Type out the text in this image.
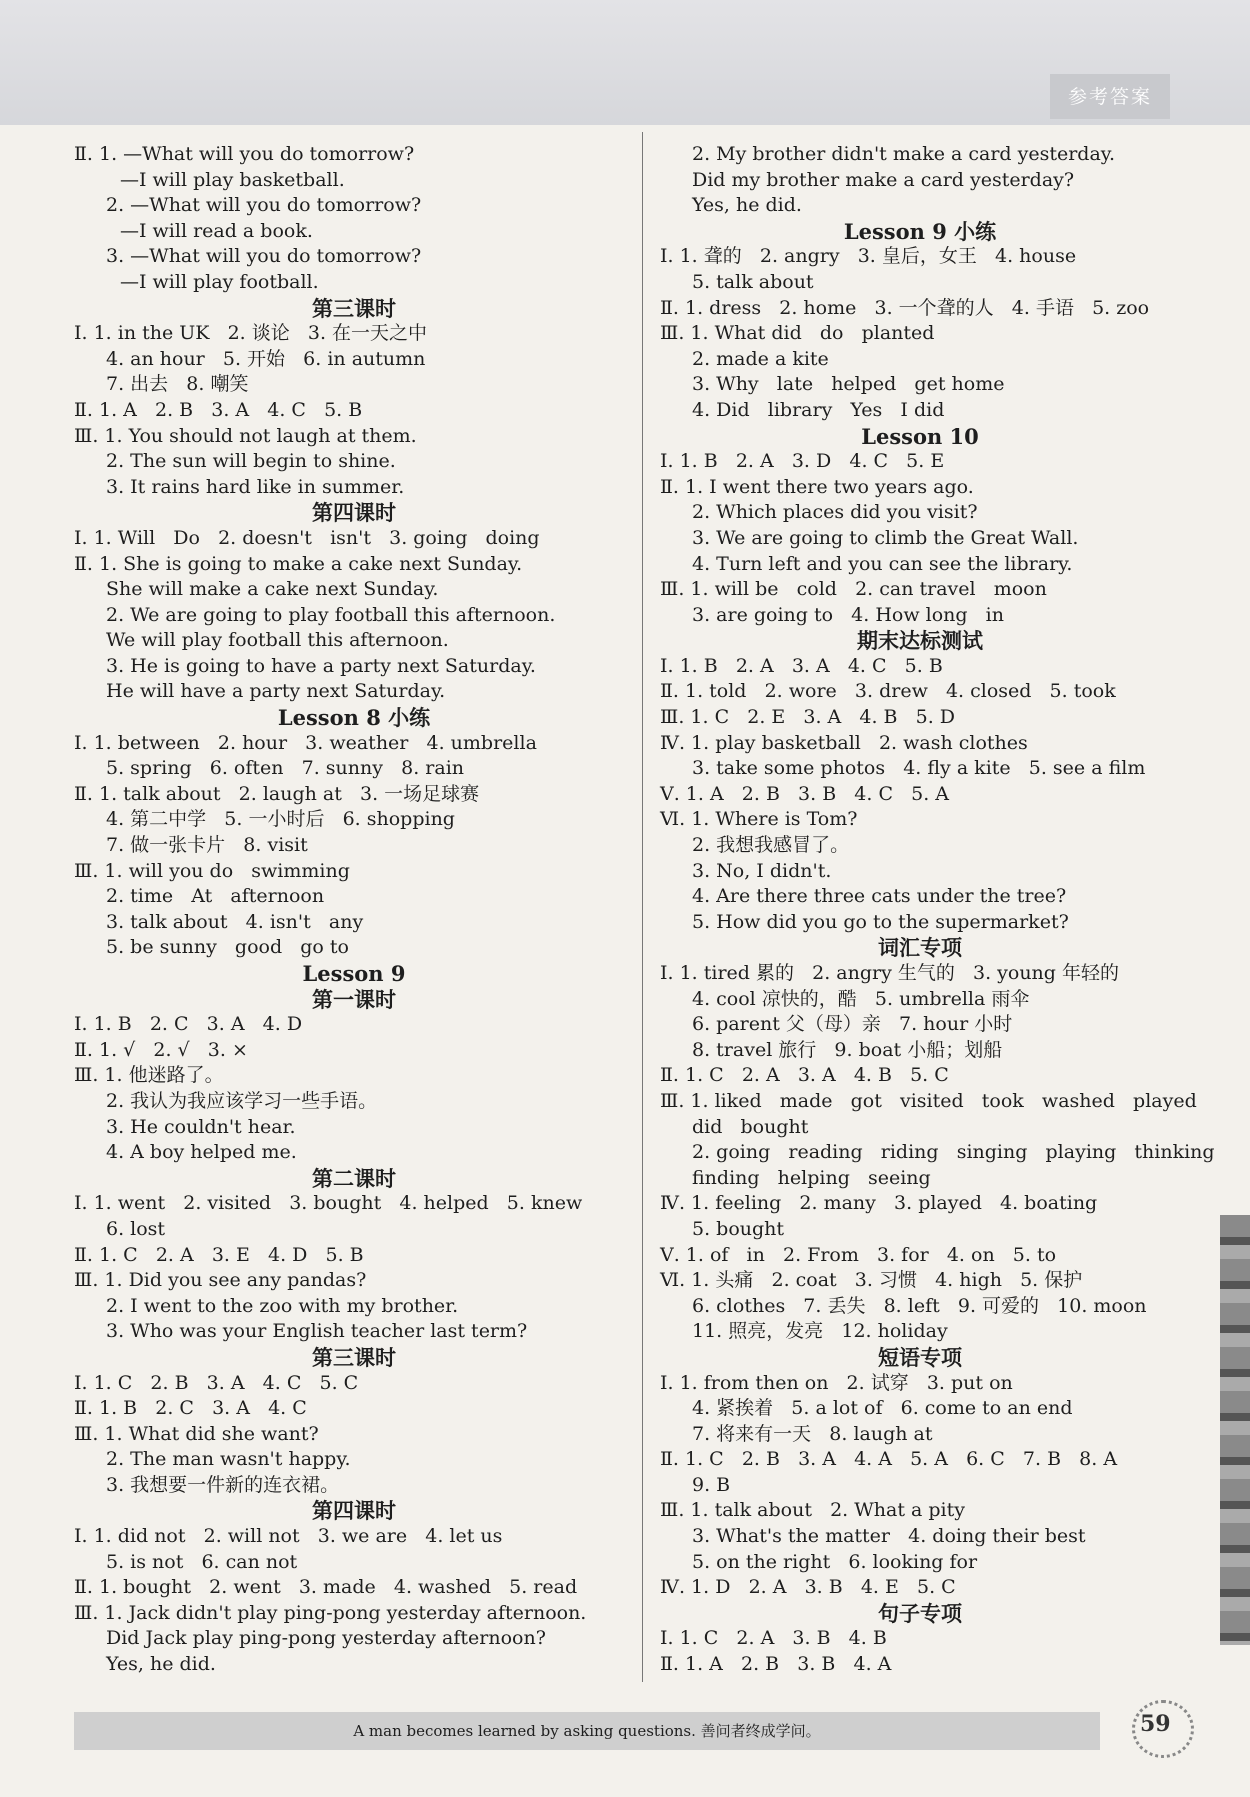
参考答案
Ⅱ. 1. —What will you do tomorrow?
—I will play basketball.
2. —What will you do tomorrow?
—I will read a book.
3. —What will you do tomorrow?
—I will play football.
第三课时
Ⅰ. 1. in the UK   2. 谈论   3. 在一天之中
4. an hour   5. 开始   6. in autumn
7. 出去   8. 嘲笑
Ⅱ. 1. A   2. B   3. A   4. C   5. B
Ⅲ. 1. You should not laugh at them.
2. The sun will begin to shine.
3. It rains hard like in summer.
第四课时
Ⅰ. 1. Will   Do   2. doesn't   isn't   3. going   doing
Ⅱ. 1. She is going to make a cake next Sunday.
She will make a cake next Sunday.
2. We are going to play football this afternoon.
We will play football this afternoon.
3. He is going to have a party next Saturday.
He will have a party next Saturday.
Lesson 8 小练
Ⅰ. 1. between   2. hour   3. weather   4. umbrella
5. spring   6. often   7. sunny   8. rain
Ⅱ. 1. talk about   2. laugh at   3. 一场足球赛
4. 第二中学   5. 一小时后   6. shopping
7. 做一张卡片   8. visit
Ⅲ. 1. will you do   swimming
2. time   At   afternoon
3. talk about   4. isn't   any
5. be sunny   good   go to
Lesson 9
第一课时
Ⅰ. 1. B   2. C   3. A   4. D
Ⅱ. 1. √   2. √   3. ×
Ⅲ. 1. 他迷路了。
2. 我认为我应该学习一些手语。
3. He couldn't hear.
4. A boy helped me.
第二课时
Ⅰ. 1. went   2. visited   3. bought   4. helped   5. knew
6. lost
Ⅱ. 1. C   2. A   3. E   4. D   5. B
Ⅲ. 1. Did you see any pandas?
2. I went to the zoo with my brother.
3. Who was your English teacher last term?
第三课时
Ⅰ. 1. C   2. B   3. A   4. C   5. C
Ⅱ. 1. B   2. C   3. A   4. C
Ⅲ. 1. What did she want?
2. The man wasn't happy.
3. 我想要一件新的连衣裙。
第四课时
Ⅰ. 1. did not   2. will not   3. we are   4. let us
5. is not   6. can not
Ⅱ. 1. bought   2. went   3. made   4. washed   5. read
Ⅲ. 1. Jack didn't play ping-pong yesterday afternoon.
Did Jack play ping-pong yesterday afternoon?
Yes, he did.
2. My brother didn't make a card yesterday.
Did my brother make a card yesterday?
Yes, he did.
Lesson 9 小练
Ⅰ. 1. 聋的   2. angry   3. 皇后，女王   4. house
5. talk about
Ⅱ. 1. dress   2. home   3. 一个聋的人   4. 手语   5. zoo
Ⅲ. 1. What did   do   planted
2. made a kite
3. Why   late   helped   get home
4. Did   library   Yes   I did
Lesson 10
Ⅰ. 1. B   2. A   3. D   4. C   5. E
Ⅱ. 1. I went there two years ago.
2. Which places did you visit?
3. We are going to climb the Great Wall.
4. Turn left and you can see the library.
Ⅲ. 1. will be   cold   2. can travel   moon
3. are going to   4. How long   in
期末达标测试
Ⅰ. 1. B   2. A   3. A   4. C   5. B
Ⅱ. 1. told   2. wore   3. drew   4. closed   5. took
Ⅲ. 1. C   2. E   3. A   4. B   5. D
Ⅳ. 1. play basketball   2. wash clothes
3. take some photos   4. fly a kite   5. see a film
Ⅴ. 1. A   2. B   3. B   4. C   5. A
Ⅵ. 1. Where is Tom?
2. 我想我感冒了。
3. No, I didn't.
4. Are there three cats under the tree?
5. How did you go to the supermarket?
词汇专项
Ⅰ. 1. tired 累的   2. angry 生气的   3. young 年轻的
4. cool 凉快的，酷   5. umbrella 雨伞
6. parent 父（母）亲   7. hour 小时
8. travel 旅行   9. boat 小船；划船
Ⅱ. 1. C   2. A   3. A   4. B   5. C
Ⅲ. 1. liked   made   got   visited   took   washed   played
did   bought
2. going   reading   riding   singing   playing   thinking
finding   helping   seeing
Ⅳ. 1. feeling   2. many   3. played   4. boating
5. bought
Ⅴ. 1. of   in   2. From   3. for   4. on   5. to
Ⅵ. 1. 头痛   2. coat   3. 习惯   4. high   5. 保护
6. clothes   7. 丢失   8. left   9. 可爱的   10. moon
11. 照亮，发亮   12. holiday
短语专项
Ⅰ. 1. from then on   2. 试穿   3. put on
4. 紧挨着   5. a lot of   6. come to an end
7. 将来有一天   8. laugh at
Ⅱ. 1. C   2. B   3. A   4. A   5. A   6. C   7. B   8. A
9. B
Ⅲ. 1. talk about   2. What a pity
3. What's the matter   4. doing their best
5. on the right   6. looking for
Ⅳ. 1. D   2. A   3. B   4. E   5. C
句子专项
Ⅰ. 1. C   2. A   3. B   4. B
Ⅱ. 1. A   2. B   3. B   4. A
A man becomes learned by asking questions. 善问者终成学问。	59
